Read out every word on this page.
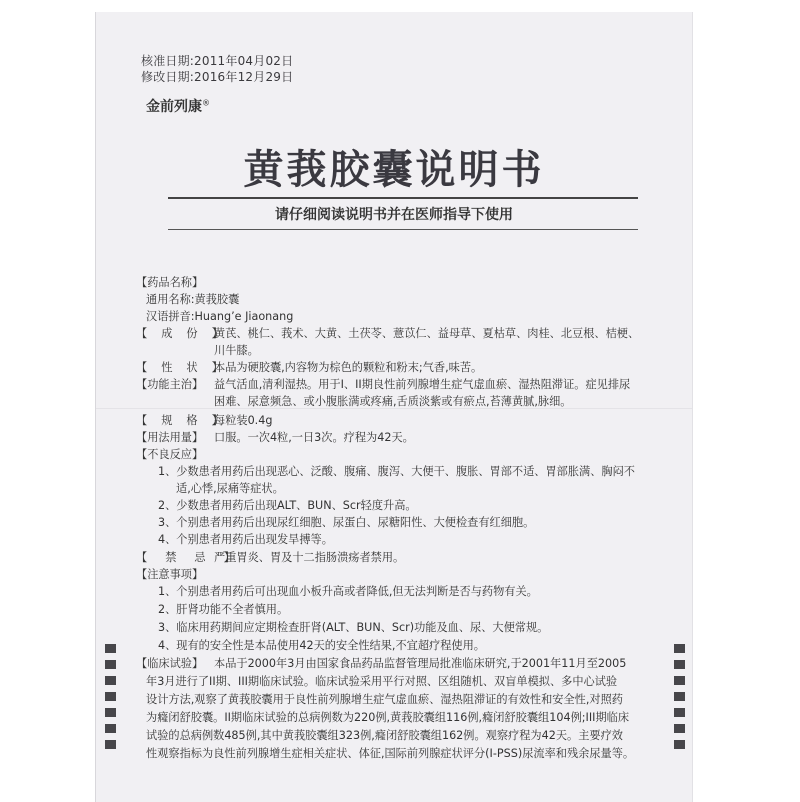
核准日期:2011年04月02日
修改日期:2016年12月29日
金前列康®
黄莪胶囊说明书
请仔细阅读说明书并在医师指导下使用
【 药品名称 】
通用名称:黄莪胶囊
汉语拼音:Huang’e Jiaonang
【 成份 】 黄芪、桃仁、莪术、大黄、土茯苓、薏苡仁、益母草、夏枯草、肉桂、北豆根、桔梗、
川牛膝。
【 性状 】 本品为硬胶囊,内容物为棕色的颗粒和粉末;气香,味苦。
【 功能主治 】	益气活血,清利湿热。用于I、II期良性前列腺增生症气虚血瘀、湿热阻滞证。症见排尿
困难、尿意频急、或小腹胀满或疼痛,舌质淡紫或有瘀点,苔薄黄腻,脉细。
【 规格 】 每粒装0.4g
【 用法用量 】	口服。一次4粒,一日3次。疗程为42天。
【 不良反应 】
1、少数患者用药后出现恶心、泛酸、腹痛、腹泻、大便干、腹胀、胃部不适、胃部胀满、胸闷不
适,心悸,尿痛等症状。
2、少数患者用药后出现ALT、BUN、Scr轻度升高。
3、个别患者用药后出现尿红细胞、尿蛋白、尿糖阳性、大便检查有红细胞。
4、个别患者用药后出现发旱搏等。
【 禁忌 】
严重胃炎、胃及十二指肠溃疡者禁用。
【 注意事项 】
1、个别患者用药后可出现血小板升高或者降低,但无法判断是否与药物有关。
2、肝肾功能不全者慎用。
3、临床用药期间应定期检查肝肾(ALT、BUN、Scr)功能及血、尿、大便常规。
4、现有的安全性是本品使用42天的安全性结果,不宜超疗程使用。
【 临床试验 】	本品于2000年3月由国家食品药品监督管理局批准临床研究,于2001年11月至2005
年3月进行了II期、III期临床试验。临床试验采用平行对照、区组随机、双盲单模拟、多中心试验
设计方法,观察了黄莪胶囊用于良性前列腺增生症气虚血瘀、湿热阻滞证的有效性和安全性,对照药
为癃闭舒胶囊。II期临床试验的总病例数为220例,黄莪胶囊组116例,癃闭舒胶囊组104例;III期临床
试验的总病例数485例,其中黄莪胶囊组323例,癃闭舒胶囊组162例。观察疗程为42天。主要疗效
性观察指标为良性前列腺增生症相关症状、体征,国际前列腺症状评分(I-PSS)尿流率和残余尿量等。
